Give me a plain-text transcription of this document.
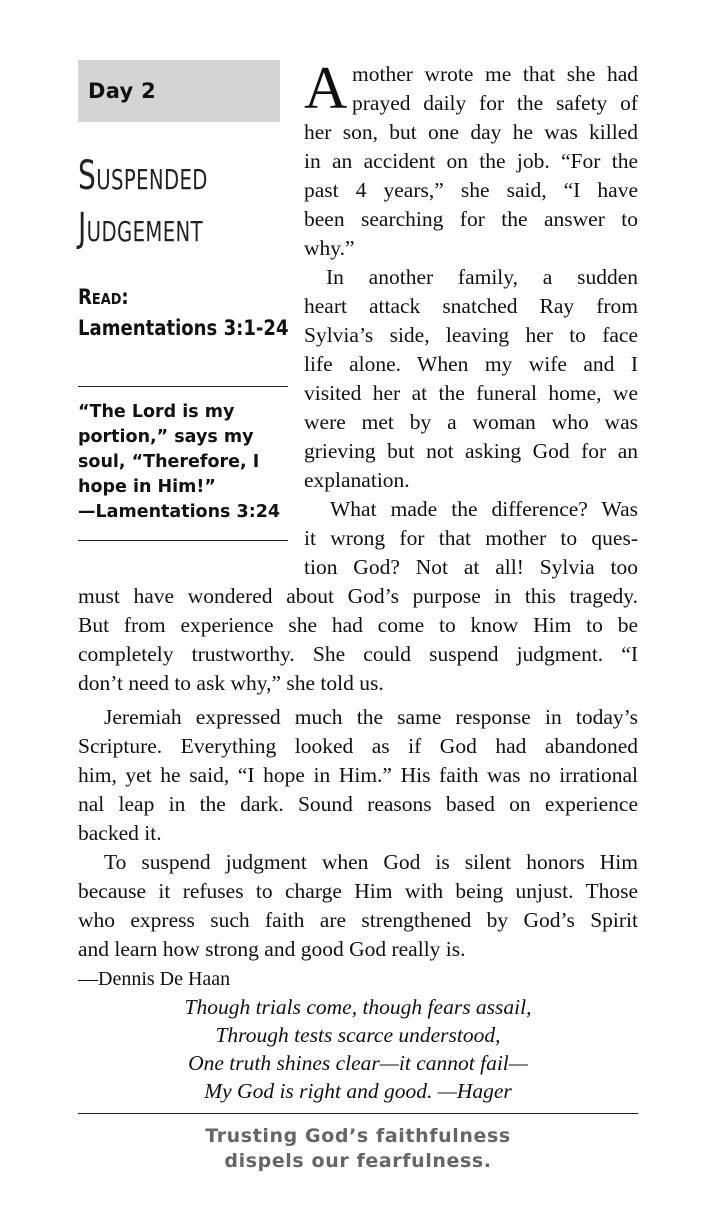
Day 2
Suspended
Judgement
Read:
Lamentations 3:1-24
“The Lord is my
portion,” says my
soul, “Therefore, I
hope in Him!”
—Lamentations 3:24
A mother wrote me that she had
prayed daily for the safety of
her son, but one day he was killed
in an accident on the job. “For the
past 4 years,” she said, “I have
been searching for the answer to
why.”
In another family, a sudden
heart attack snatched Ray from
Sylvia’s side, leaving her to face
life alone. When my wife and I
visited her at the funeral home, we
were met by a woman who was
grieving but not asking God for an
explanation.
What made the difference? Was
it wrong for that mother to ques-
tion God? Not at all! Sylvia too
must have wondered about God’s purpose in this tragedy.
But from experience she had come to know Him to be
completely trustworthy. She could suspend judgment. “I
don’t need to ask why,” she told us.
Jeremiah expressed much the same response in today’s
Scripture. Everything looked as if God had abandoned
him, yet he said, “I hope in Him.” His faith was no irrational
nal leap in the dark. Sound reasons based on experience
backed it.
To suspend judgment when God is silent honors Him
because it refuses to charge Him with being unjust. Those
who express such faith are strengthened by God’s Spirit
and learn how strong and good God really is.
—Dennis De Haan
Though trials come, though fears assail,
Through tests scarce understood,
One truth shines clear—it cannot fail—
My God is right and good. —Hager
Trusting God’s faithfulness
dispels our fearfulness.
